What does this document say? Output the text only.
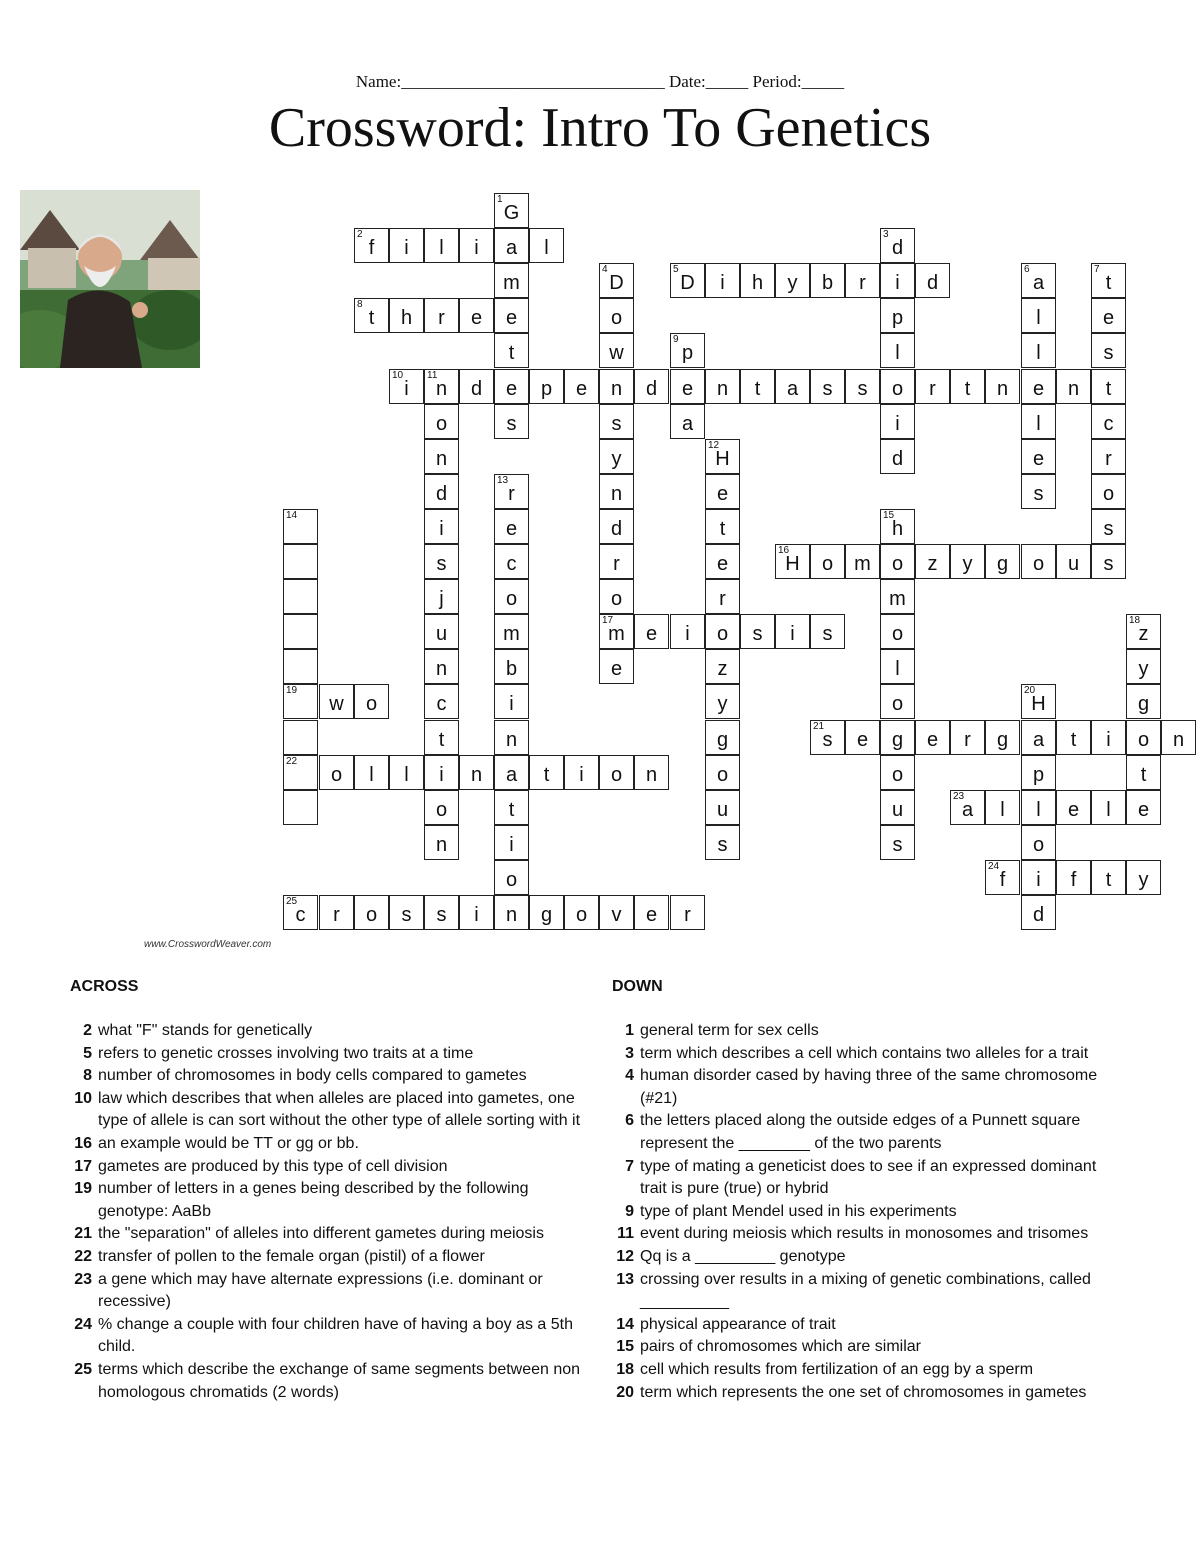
Name:_______________________________ Date:_____ Period:_____
Crossword: Intro To Genetics
1
G
2
f	i	l	i	a	l
3
d
m
4
D
5
D	i	h	y	b	r	i	d
6
a
7
t
8
t	h	r	e	e	o	p	l	e
t	w
9
p	l	l	s
10
i
11
n	d	e	p	e	n	d	e	n	t	a	s	s	o	r	t	n	e	n	t
o	s	s	a	i	l	c
n	y
12
H	d	e	r
d
13
r	n	e	s	o
14
i	e	d	t
15
h	s
s	c	r	e
16
H	o	m	o	z	y	g	o	u	s
j	o	o	r	m
u	m
17
m	e	i	o	s	i	s	o
18
z
n	b	e	z	l	y
19
w	o	c	i	y	o
20
H	g
t	n	g
21
s	e	g	e	r	g	a	t	i	o	n
22
o	l	l	i	n	a	t	i	o	n	o	o	p	t
o	t	u	u
23
a	l	l	e	l	e
n	i	s	s	o
o
24
f	i	f	t	y
25
c	r	o	s	s	i	n	g	o	v	e	r	d
www.CrosswordWeaver.com
ACROSS	DOWN
2 what "F" stands for genetically
5 refers to genetic crosses involving two traits at a time
8 number of chromosomes in body cells compared to gametes
10 law which describes that when alleles are placed into gametes, one type of allele is can sort without the other type of allele sorting with it
16 an example would be TT or gg or bb.
17 gametes are produced by this type of cell division
19 number of letters in a genes being described by the following genotype: AaBb
21 the "separation" of alleles into different gametes during meiosis
22 transfer of pollen to the female organ (pistil) of a flower
23 a gene which may have alternate expressions (i.e. dominant or recessive)
24 % change a couple with four children have of having a boy as a 5th child.
25 terms which describe the exchange of same segments between non homologous chromatids (2 words)
1 general term for sex cells
3 term which describes a cell which contains two alleles for a trait
4 human disorder cased by having three of the same chromosome (#21)
6 the letters placed along the outside edges of a Punnett square represent the ________ of the two parents
7 type of mating a geneticist does to see if an expressed dominant trait is pure (true) or hybrid
9 type of plant Mendel used in his experiments
11 event during meiosis which results in monosomes and trisomes
12 Qq is a _________ genotype
13 crossing over results in a mixing of genetic combinations, called __________
14 physical appearance of trait
15 pairs of chromosomes which are similar
18 cell which results from fertilization of an egg by a sperm
20 term which represents the one set of chromosomes in gametes
